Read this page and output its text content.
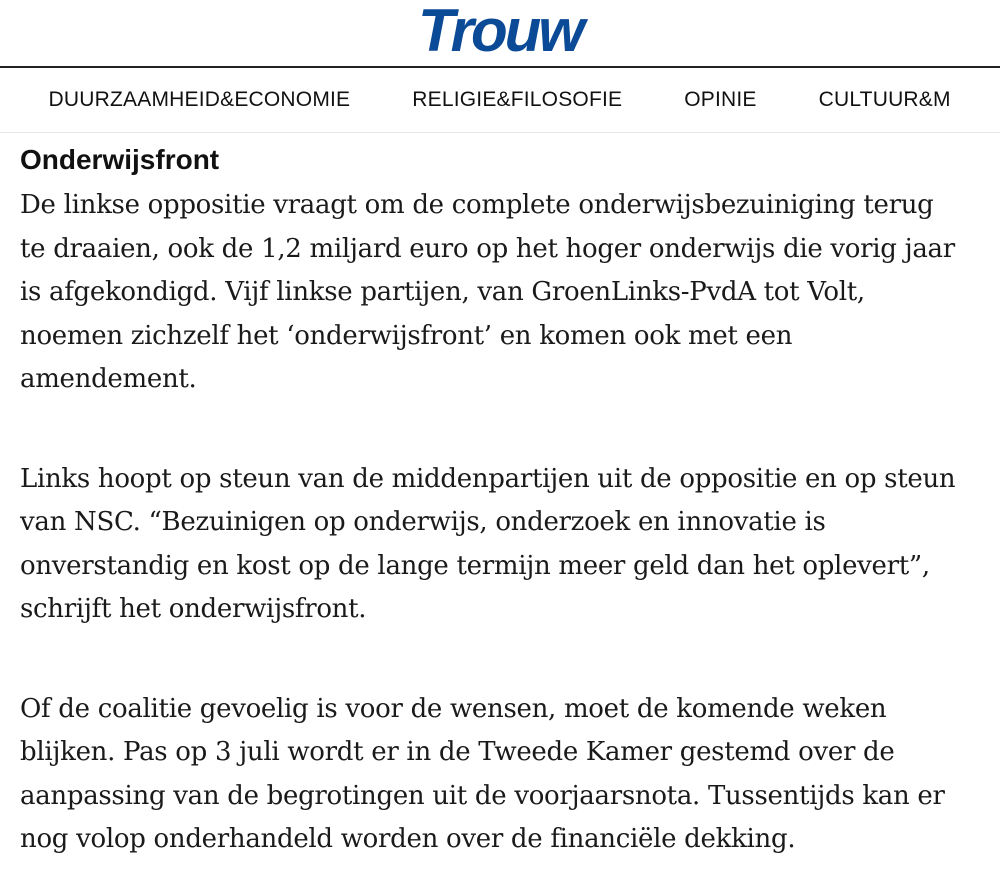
Trouw
DUURZAAMHEID&ECONOMIE	RELIGIE&FILOSOFIE	OPINIE	CULTUUR&M
Onderwijsfront

De linkse oppositie vraagt om de complete onderwijsbezuiniging terug te draaien, ook de 1,2 miljard euro op het hoger onderwijs die vorig jaar is afgekondigd. Vijf linkse partijen, van GroenLinks-PvdA tot Volt, noemen zichzelf het ‘onderwijsfront’ en komen ook met een amendement.

Links hoopt op steun van de middenpartijen uit de oppositie en op steun van NSC. “Bezuinigen op onderwijs, onderzoek en innovatie is onverstandig en kost op de lange termijn meer geld dan het oplevert”, schrijft het onderwijsfront.

Of de coalitie gevoelig is voor de wensen, moet de komende weken blijken. Pas op 3 juli wordt er in de Tweede Kamer gestemd over de aanpassing van de begrotingen uit de voorjaarsnota. Tussentijds kan er nog volop onderhandeld worden over de financiële dekking.
